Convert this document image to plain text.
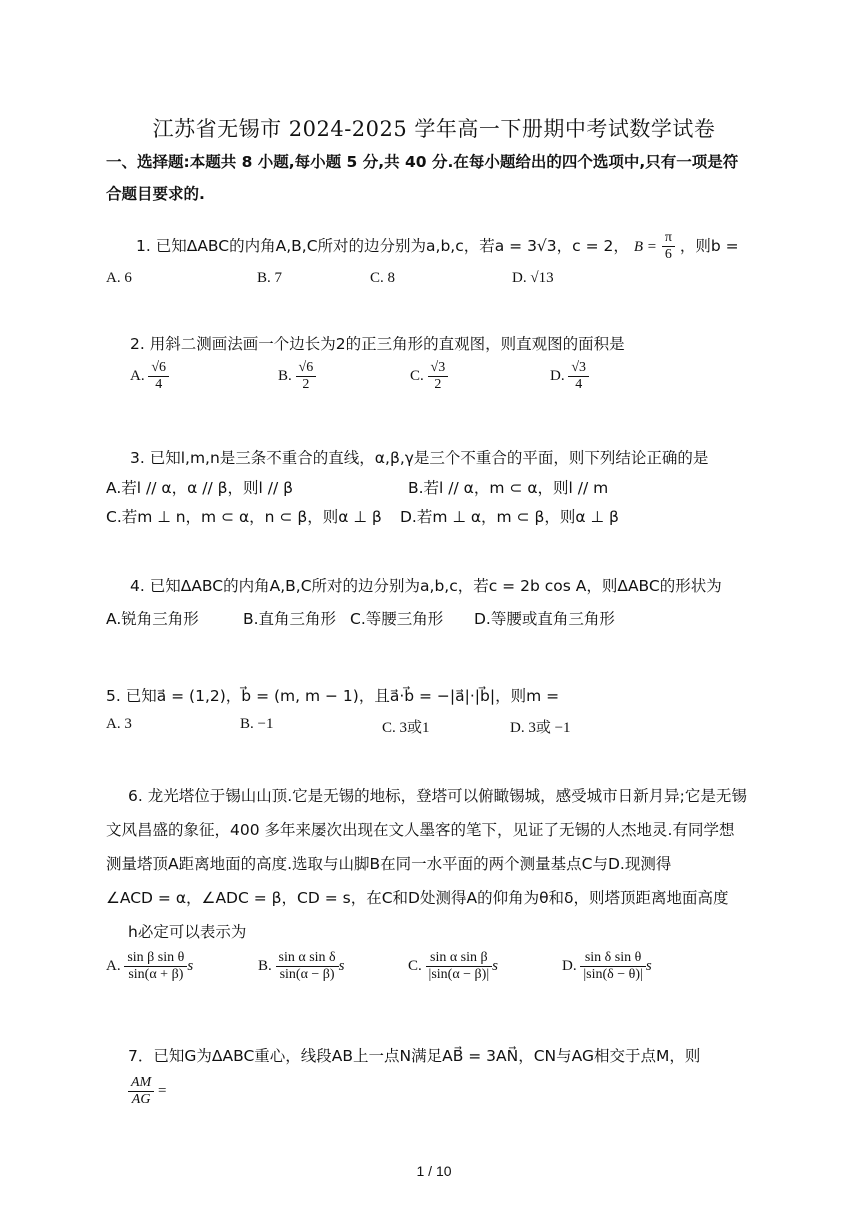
江苏省无锡市 2024-2025 学年高一下册期中考试数学试卷
一、选择题:本题共 8 小题,每小题 5 分,共 40 分.在每小题给出的四个选项中,只有一项是符
合题目要求的.
1. 已知ΔABC的内角A,B,C所对的边分别为a,b,c，若a = 3√3，c = 2， $B = \frac{\pi}{6}$ ，则b =
A. 6	B. 7	C. 8	D. √13
2. 用斜二测画法画一个边长为2的正三角形的直观图，则直观图的面积是
A. $\frac{√6}{4}$	B. $\frac{√6}{2}$	C. $\frac{√3}{2}$	D. $\frac{√3}{4}$
3. 已知l,m,n是三条不重合的直线，α,β,γ是三个不重合的平面，则下列结论正确的是
A.若l // α，α // β，则l // β	B.若l // α，m ⊂ α，则l // m
C.若m ⊥ n，m ⊂ α，n ⊂ β，则α ⊥ β D.若m ⊥ α，m ⊂ β，则α ⊥ β
4. 已知ΔABC的内角A,B,C所对的边分别为a,b,c，若c = 2b cos A，则ΔABC的形状为
A.锐角三角形	B.直角三角形 C.等腰三角形 D.等腰或直角三角形
5. 已知a⃗ = (1,2)，b⃗ = (m, m − 1)，且a⃗·b⃗ = −|a⃗|·|b⃗|，则m =
A. 3	B. −1	C. 3或1	D. 3或 −1
6. 龙光塔位于锡山山顶.它是无锡的地标，登塔可以俯瞰锡城，感受城市日新月异;它是无锡
文风昌盛的象征，400 多年来屡次出现在文人墨客的笔下，见证了无锡的人杰地灵.有同学想
测量塔顶A距离地面的高度.选取与山脚B在同一水平面的两个测量基点C与D.现测得
∠ACD = α，∠ADC = β，CD = s，在C和D处测得A的仰角为θ和δ，则塔顶距离地面高度
h必定可以表示为
A. $\frac{\text{sin β sin θ}}{\sin(\alpha + \beta)}$ s	B. $\frac{\text{sin α sin δ}}{\sin(\alpha - \beta)}$ s	C. $\frac{\text{sin α sin β}}{|\sin(\alpha - \beta)|}$ s	D. $\frac{\text{sin δ sin θ}}{|\sin(\delta - \theta)|}$ s
7．已知G为ΔABC重心，线段AB上一点N满足AB⃗ = 3AN⃗，CN与AG相交于点M，则
$\frac{AM}{AG}$ =
1 / 10
